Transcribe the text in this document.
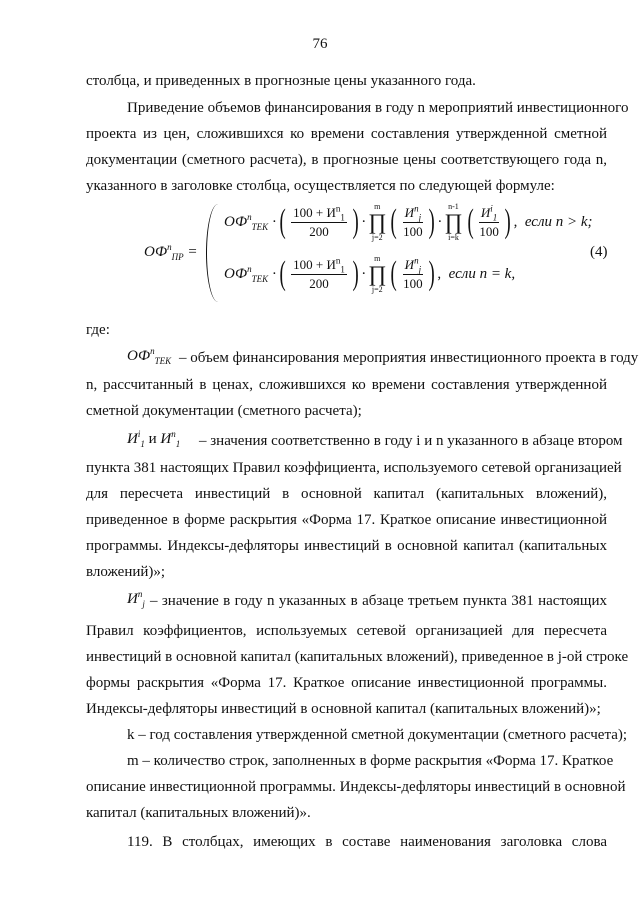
76
столбца, и приведенных в прогнозные цены указанного года.
Приведение объемов финансирования в году n мероприятий инвестиционного
проекта из цен, сложившихся ко времени составления утвержденной сметной
документации (сметного расчета), в прогнозные цены соответствующего года n,
указанного в заголовке столбца, осуществляется по следующей формуле:
$ОФ^n_{ПР}$ =
$ОФ^n_{ТЕК}$ · ( $\frac{100 + И^n_1}{200}$ ) ·
m
∏
j=2 ( $\frac{И^n_j}{100}$ ) ·
n-1
∏
i=k ( $\frac{И^i_1}{100}$ ) , если n > k;
$ОФ^n_{ТЕК}$ · ( $\frac{100 + И^n_1}{200}$ ) ·
m
∏
j=2 ( $\frac{И^n_j}{100}$ ) , если n = k,
(4)
где:
$ОФ^n_{ТЕК}$ – объем финансирования мероприятия инвестиционного проекта в году
n, рассчитанный в ценах, сложившихся ко времени составления утвержденной
сметной документации (сметного расчета);
$И^i_1$ и $И^n_1$ – значения соответственно в году i и n указанного в абзаце втором
пункта 381 настоящих Правил коэффициента, используемого сетевой организацией
для пересчета инвестиций в основной капитал (капитальных вложений),
приведенное в форме раскрытия «Форма 17. Краткое описание инвестиционной
программы. Индексы-дефляторы инвестиций в основной капитал (капитальных
вложений)»;
$И^n_j$ – значение в году n указанных в абзаце третьем пункта 381 настоящих
Правил коэффициентов, используемых сетевой организацией для пересчета
инвестиций в основной капитал (капитальных вложений), приведенное в j-ой строке
формы раскрытия «Форма 17. Краткое описание инвестиционной программы.
Индексы-дефляторы инвестиций в основной капитал (капитальных вложений)»;
k – год составления утвержденной сметной документации (сметного расчета);
m – количество строк, заполненных в форме раскрытия «Форма 17. Краткое
описание инвестиционной программы. Индексы-дефляторы инвестиций в основной
капитал (капитальных вложений)».
119. В столбцах, имеющих в составе наименования заголовка слова
